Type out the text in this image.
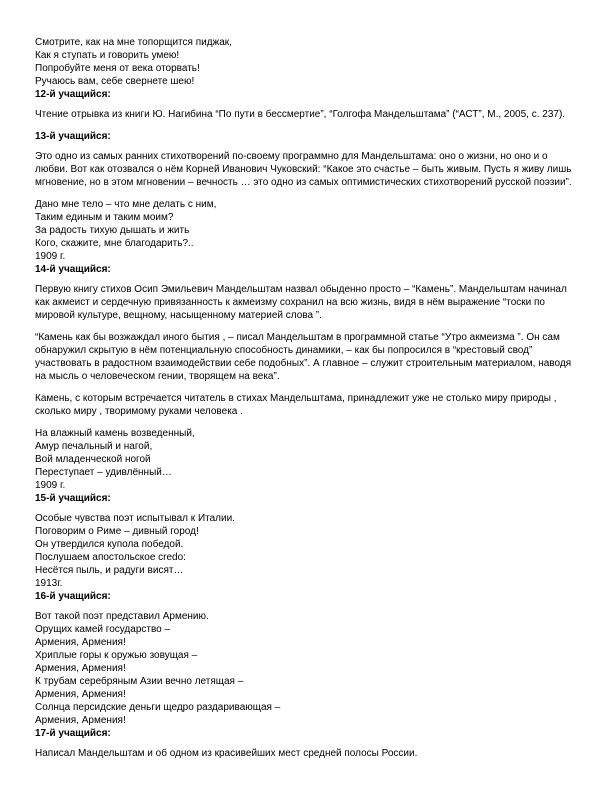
Смотрите, как на мне топорщится пиджак,
Как я ступать и говорить умею!
Попробуйте меня от века оторвать!
Ручаюсь вам, себе свернете шею!
12-й учащийся:
Чтение отрывка из книги Ю. Нагибина “По пути в бессмертие”, “Голгофа Мандельштама” (“АСТ”, М., 2005, с. 237).
13-й учащийся:
Это одно из самых ранних стихотворений по-своему программно для Мандельштама: оно о жизни, но оно и о любви. Вот как отозвался о нём Корней Иванович Чуковский: “Какое это счастье – быть живым. Пусть я живу лишь мгновение, но в этом мгновении – вечность … это одно из самых оптимистических стихотворений русской поэзии”.
Дано мне тело – что мне делать с ним,
Таким единым и таким моим?
За радость тихую дышать и жить
Кого, скажите, мне благодарить?..
1909 г.
14-й учащийся:
Первую книгу стихов Осип Эмильевич Мандельштам назвал обыденно просто – “Камень”. Мандельштам начинал как акмеист и сердечную привязанность к акмеизму сохранил на всю жизнь, видя в нём выражение “тоски по мировой культуре, вещному, насыщенному материей слова ”.
“Камень как бы возжаждал иного бытия , – писал Мандельштам в программной статье “Утро акмеизма ”. Он сам обнаружил скрытую в нём потенциальную способность динамики, – как бы попросился в “крестовый свод” участвовать в радостном взаимодействии себе подобных”. А главное – служит строительным материалом, наводя на мысль о человеческом гении, творящем на века”.
Камень, с которым встречается читатель в стихах Мандельштама, принадлежит уже не столько миру природы , сколько миру , творимому руками человека .
На влажный камень возведенный,
Амур печальный и нагой,
Вой младенческой ногой
Переступает – удивлённый…
1909 г.
15-й учащийся:
Особые чувства поэт испытывал к Италии.
Поговорим о Риме – дивный город!
Он утвердился купола победой.
Послушаем апостольское credo:
Несётся пыль, и радуги висят…
1913г.
16-й учащийся:
Вот такой поэт представил Армению.
Орущих камей государство –
Армения, Армения!
Хриплые горы к оружью зовущая –
Армения, Армения!
К трубам серебряным Азии вечно летящая –
Армения, Армения!
Солнца персидские деньги щедро раздаривающая –
Армения, Армения!
17-й учащийся:
Написал Мандельштам и об одном из красивейших мест средней полосы России.
